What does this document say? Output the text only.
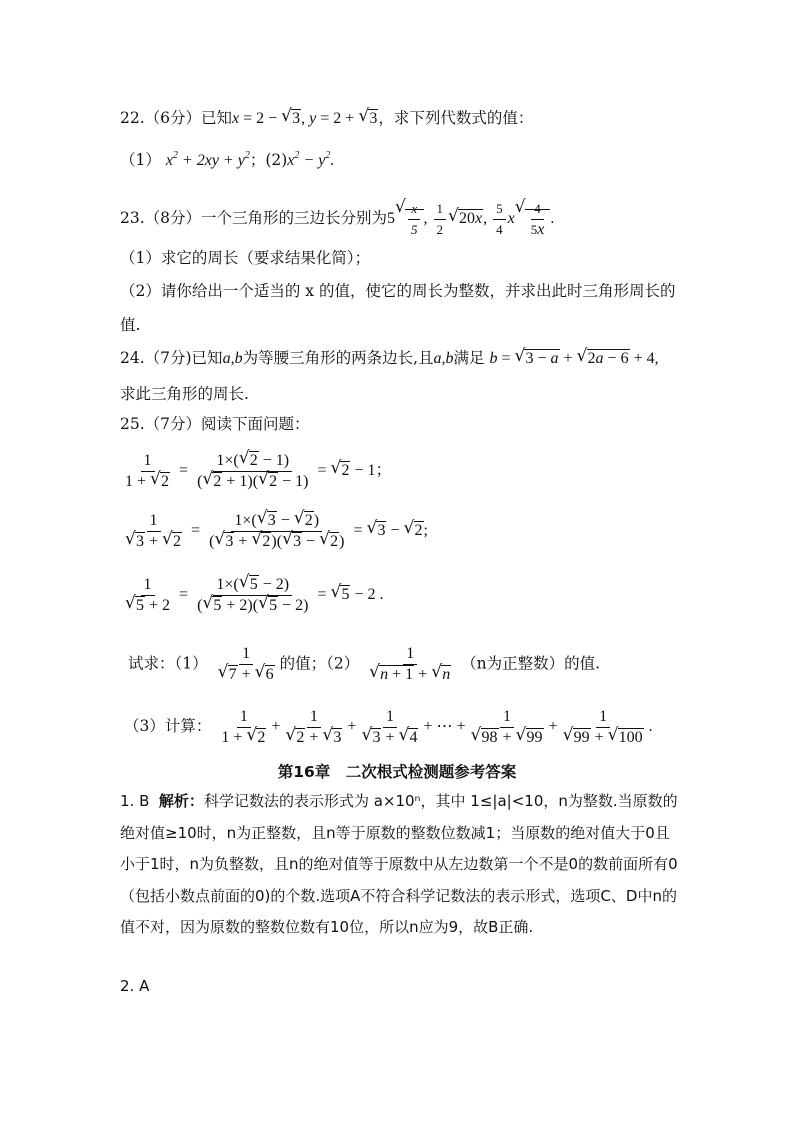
22.（6分）已知x = 2 − √ 3, y = 2 + √ 3，求下列代数式的值：
（1） $x^2 + 2xy + y^2$；$(2)x^2 - y^2$.
23.（8分）一个三角形的三边长分别为5 √ $\frac{x}{5}$ , $\frac{1}{2}$ √ 20x, $\frac{5}{4}$ x √ $\frac{4}{5x}$ .
（1）求它的周长（要求结果化简）；
（2）请你给出一个适当的 x 的值，使它的周长为整数，并求出此时三角形周长的值.
24.（7分)已知a,b为等腰三角形的两条边长,且a,b满足 b = √ 3 − a + √ 2a − 6 + 4,
求此三角形的周长.
25.（7分）阅读下面问题：
$\frac{1}{1 + √ 2} = \frac{1\times( √ 2 - 1)}{( √ 2 + 1)( √ 2 - 1)}$ = √ 2 − 1；
1
√ 3 + √ $2 = \frac{1\times( √ 3 - √ 2)}{( √ 3 + √ 2)( √ 3 - √ 2)}$ = √ 3 − √ 2;
1
√ $5 + 2 = \frac{1\times( √ 5 - 2)}{( √ 5 + 2)( √ 5 - 2)}$ = √ 5 − 2 .
试求：（1） 1
√ 7 + √ 6 的值；（2） 1
√ n + 1 + √ n （n为正整数）的值.
（3）计算： $\frac{1}{1 + √ 2} + 1$
√ 2 + √ 3 + 1
√ 3 + √ 4 + ⋯ + 1
√ 98 + √ 99 + 1
√ 99 + √ 100 .
第16章　二次根式检测题参考答案
1. B 解析：科学记数法的表示形式为 a×10ⁿ，其中 1≤|a|<10，n为整数.当原数的绝对值≥10时，n为正整数，且n等于原数的整数位数减1；当原数的绝对值大于0且小于1时，n为负整数，且n的绝对值等于原数中从左边数第一个不是0的数前面所有0（包括小数点前面的0)的个数.选项A不符合科学记数法的表示形式，选项C、D中n的值不对，因为原数的整数位数有10位，所以n应为9，故B正确.
2. A
